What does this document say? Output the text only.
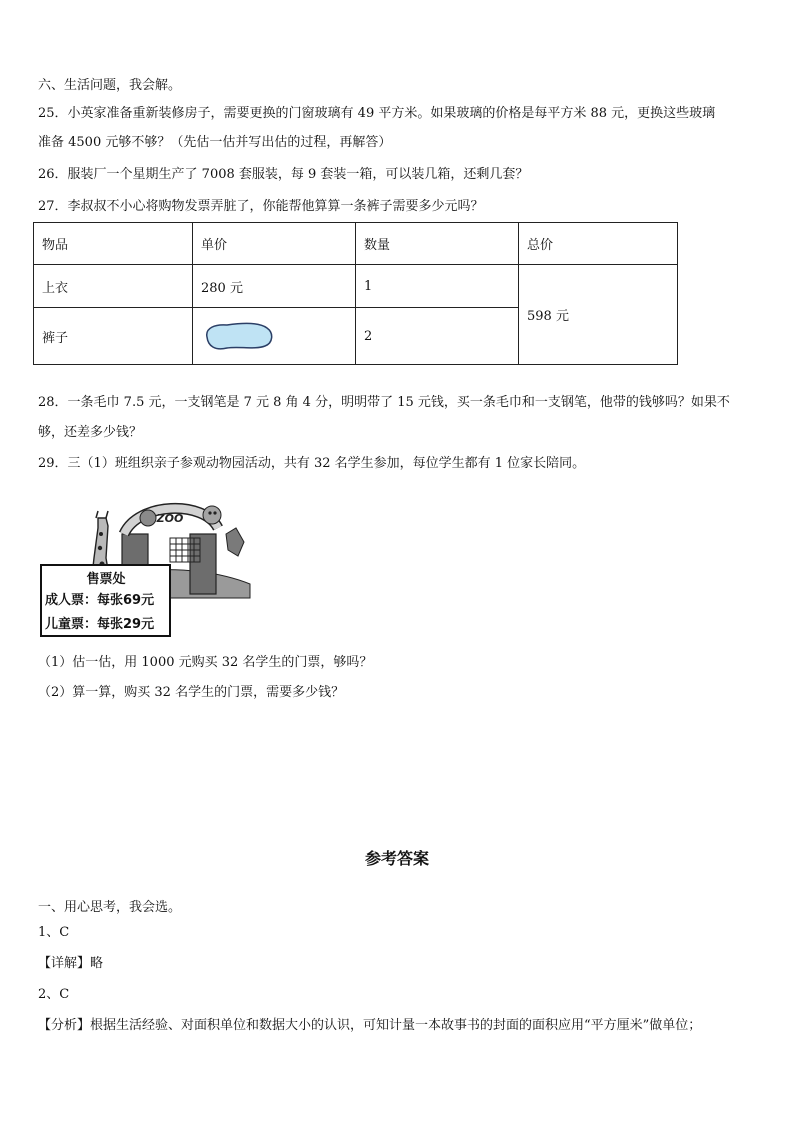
六、生活问题，我会解。
25．小英家准备重新装修房子，需要更换的门窗玻璃有 49 平方米。如果玻璃的价格是每平方米 88 元，更换这些玻璃
准备 4500 元够不够？（先估一估并写出估的过程，再解答）
26．服装厂一个星期生产了 7008 套服装，每 9 套装一箱，可以装几箱，还剩几套？
27．李叔叔不小心将购物发票弄脏了，你能帮他算算一条裤子需要多少元吗？
物品	单价	数量	总价
上衣	280 元	1	598 元
裤子		2	
28．一条毛巾 7.5 元，一支钢笔是 7 元 8 角 4 分，明明带了 15 元钱，买一条毛巾和一支钢笔，他带的钱够吗？如果不
够，还差多少钱？
29．三（1）班组织亲子参观动物园活动，共有 32 名学生参加，每位学生都有 1 位家长陪同。
ZOO
售票处
成人票：每张69元
儿童票：每张29元
（1）估一估，用 1000 元购买 32 名学生的门票，够吗？
（2）算一算，购买 32 名学生的门票，需要多少钱？
参考答案
一、用心思考，我会选。
1、C
【详解】略
2、C
【分析】根据生活经验、对面积单位和数据大小的认识，可知计量一本故事书的封面的面积应用“平方厘米”做单位；
